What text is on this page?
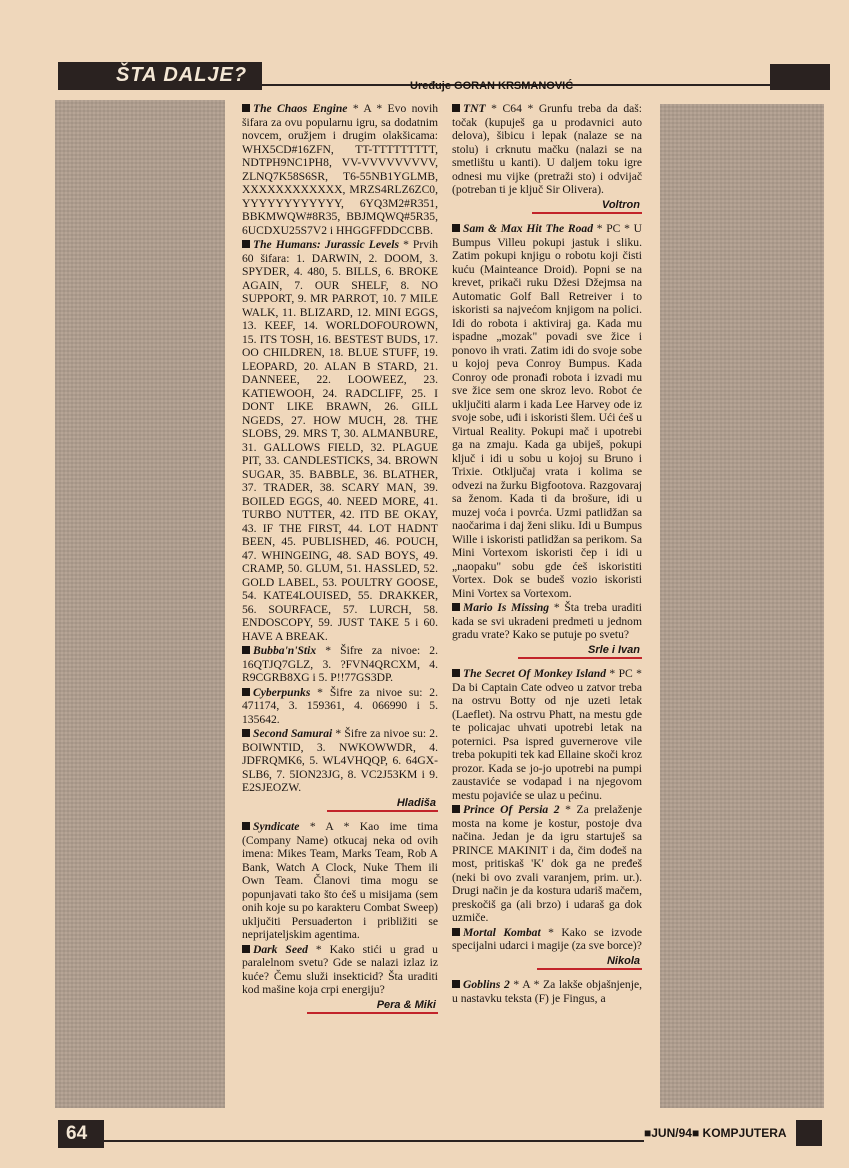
ŠTA DALJE?	Uređuje GORAN KRSMANOVIĆ
The Chaos Engine * A * Evo novih šifara za ovu popularnu igru, sa dodatnim novcem, oružjem i drugim olakšicama: WHX5CD#16ZFN, TT-TTTTTTTTT, NDTPH9NC1PH8, VV-VVVVVVVVV, ZLNQ7K58S6SR, T6-55NB1YGLMB, XXXXXXXXXXXX, MRZS4RLZ6ZC0, YYYYYYYYYYYY, 6YQ3M2#R351, BBKMWQW#8R35, BBJMQWQ#5R35, 6UCDXU25S7V2 i HHGGFFDDCCBB.
The Humans: Jurassic Levels * Prvih 60 šifara: 1. DARWIN, 2. DOOM, 3. SPYDER, 4. 480, 5. BILLS, 6. BROKE AGAIN, 7. OUR SHELF, 8. NO SUPPORT, 9. MR PARROT, 10. 7 MILE WALK, 11. BLIZARD, 12. MINI EGGS, 13. KEEF, 14. WORLDOFOUROWN, 15. ITS TOSH, 16. BESTEST BUDS, 17. OO CHILDREN, 18. BLUE STUFF, 19. LEOPARD, 20. ALAN B STARD, 21. DANNEEE, 22. LOOWEEZ, 23. KATIEWOOH, 24. RADCLIFF, 25. I DONT LIKE BRAWN, 26. GILL NGEDS, 27. HOW MUCH, 28. THE SLOBS, 29. MRS T, 30. ALMANBURE, 31. GALLOWS FIELD, 32. PLAGUE PIT, 33. CANDLESTICKS, 34. BROWN SUGAR, 35. BABBLE, 36. BLATHER, 37. TRADER, 38. SCARY MAN, 39. BOILED EGGS, 40. NEED MORE, 41. TURBO NUTTER, 42. ITD BE OKAY, 43. IF THE FIRST, 44. LOT HADNT BEEN, 45. PUBLISHED, 46. POUCH, 47. WHINGEING, 48. SAD BOYS, 49. CRAMP, 50. GLUM, 51. HASSLED, 52. GOLD LABEL, 53. POULTRY GOOSE, 54. KATE4LOUISED, 55. DRAKKER, 56. SOURFACE, 57. LURCH, 58. ENDOSCOPY, 59. JUST TAKE 5 i 60. HAVE A BREAK.
Bubba'n'Stix * Šifre za nivoe: 2. 16QTJQ7GLZ, 3. ?FVN4QRCXM, 4. R9CGRB8XG i 5. P!!77GS3DP.
Cyberpunks * Šifre za nivoe su: 2. 471174, 3. 159361, 4. 066990 i 5. 135642.
Second Samurai * Šifre za nivoe su: 2. BOIWNTID, 3. NWKOWWDR, 4. JDFRQMK6, 5. WL4VHQQP, 6. 64GX-SLB6, 7. 5ION23JG, 8. VC2J53KM i 9. E2SJEOZW.
Hladiša
Syndicate * A * Kao ime tima (Company Name) otkucaj neka od ovih imena: Mikes Team, Marks Team, Rob A Bank, Watch A Clock, Nuke Them ili Own Team. Članovi tima mogu se popunjavati tako što ćeš u misijama (sem onih koje su po karakteru Combat Sweep) uključiti Persuaderton i približiti se neprijateljskim agentima.
Dark Seed * Kako stići u grad u paralelnom svetu? Gde se nalazi izlaz iz kuće? Čemu služi insekticid? Šta uraditi kod mašine koja crpi energiju?
Pera & Miki
TNT * C64 * Grunfu treba da daš: točak (kupuješ ga u prodavnici auto delova), šibicu i lepak (nalaze se na stolu) i crknutu mačku (nalazi se na smetlištu u kanti). U daljem toku igre odnesi mu vijke (pretraži sto) i odvijač (potreban ti je ključ Sir Olivera).
Voltron
Sam & Max Hit The Road * PC * U Bumpus Villeu pokupi jastuk i sliku. Zatim pokupi knjigu o robotu koji čisti kuću (Mainteance Droid). Popni se na krevet, prikači ruku Džesi Džejmsa na Automatic Golf Ball Retreiver i to iskoristi sa najvećom knjigom na polici. Idi do robota i aktiviraj ga. Kada mu ispadne „mozak" povadi sve žice i ponovo ih vrati. Zatim idi do svoje sobe u kojoj peva Conroy Bumpus. Kada Conroy ode pronađi robota i izvadi mu sve žice sem one skroz levo. Robot će uključiti alarm i kada Lee Harvey ode iz svoje sobe, uđi i iskoristi šlem. Ući ćeš u Virtual Reality. Pokupi mač i upotrebi ga na zmaju. Kada ga ubiješ, pokupi ključ i idi u sobu u kojoj su Bruno i Trixie. Otključaj vrata i kolima se odvezi na žurku Bigfootova. Razgovaraj sa ženom. Kada ti da brošure, idi u muzej voća i povrća. Uzmi patlidžan sa naočarima i daj ženi sliku. Idi u Bumpus Wille i iskoristi patlidžan sa perikom. Sa Mini Vortexom iskoristi čep i idi u „naopaku" sobu gde ćeš iskoristiti Vortex. Dok se budeš vozio iskoristi Mini Vortex sa Vortexom.
Mario Is Missing * Šta treba uraditi kada se svi ukradeni predmeti u jednom gradu vrate? Kako se putuje po svetu?
Srle i Ivan
The Secret Of Monkey Island * PC * Da bi Captain Cate odveo u zatvor treba na ostrvu Botty od nje uzeti letak (Laeflet). Na ostrvu Phatt, na mestu gde te policajac uhvati upotrebi letak na poternici. Psa ispred guvernerove vile treba pokupiti tek kad Ellaine skoči kroz prozor. Kada se jo-jo upotrebi na pumpi zaustaviće se vodapad i na njegovom mestu pojaviće se ulaz u pećinu.
Prince Of Persia 2 * Za prelaženje mosta na kome je kostur, postoje dva načina. Jedan je da igru startuješ sa PRINCE MAKINIT i da, čim dođeš na most, pritiskaš 'K' dok ga ne pređeš (neki bi ovo zvali varanjem, prim. ur.). Drugi način je da kostura udariš mačem, preskočiš ga (ali brzo) i udaraš ga dok uzmiče.
Mortal Kombat * Kako se izvode specijalni udarci i magije (za sve borce)?
Nikola
Goblins 2 * A * Za lakše objašnjenje, u nastavku teksta (F) je Fingus, a
64	■JUN/94■ KOMPJUTERA
